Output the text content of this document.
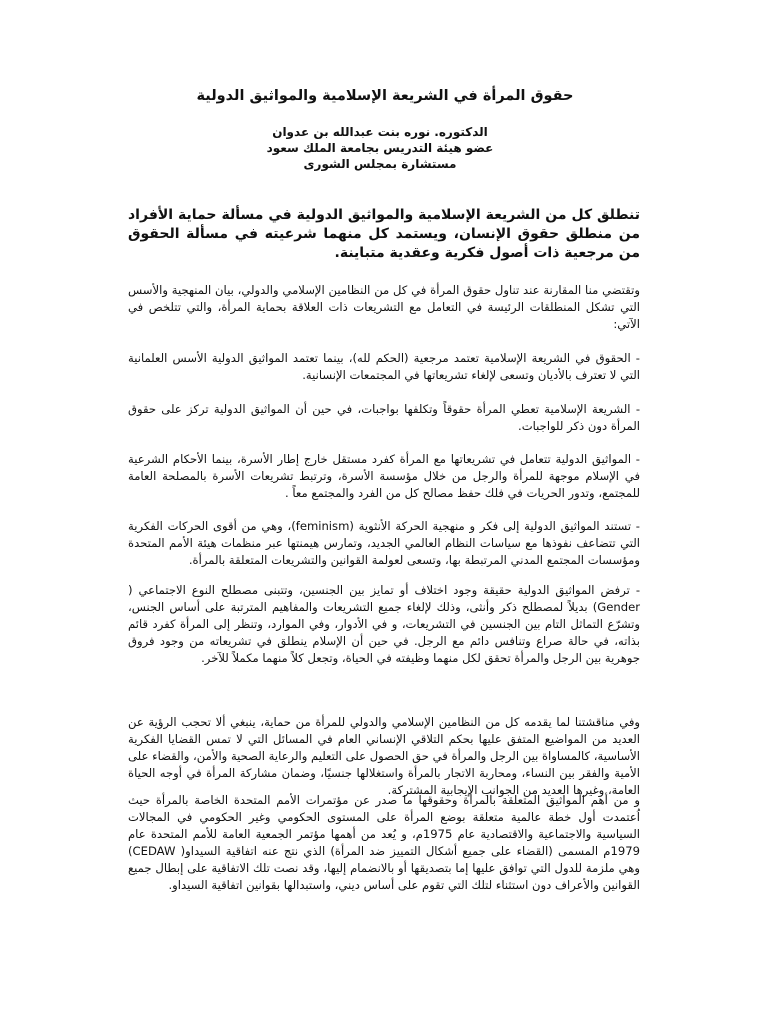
حقوق المرأة في الشريعة الإسلامية والمواثيق الدولية
الدكتوره. نوره بنت عبدالله بن عدوان
عضو هيئة التدريس بجامعة الملك سعود
مستشارة بمجلس الشورى

تنطلق كل من الشريعة الإسلامية والمواثيق الدولية في مسألة حماية الأفراد من منطلق حقوق الإنسان، ويستمد كل منهما شرعيته في مسألة الحقوق من مرجعية ذات أصول فكرية وعقدية متباينة.

وتقتضي منا المقارنة عند تناول حقوق المرأة في كل من النظامين الإسلامي والدولي، بيان المنهجية والأسس التي تشكل المنطلقات الرئيسة في التعامل مع التشريعات ذات العلاقة بحماية المرأة، والتي تتلخص في الآتي:

- الحقوق في الشريعة الإسلامية تعتمد مرجعية (الحكم لله)، بينما تعتمد المواثيق الدولية الأسس العلمانية التي لا تعترف بالأديان وتسعى لإلغاء تشريعاتها في المجتمعات الإنسانية.

- الشريعة الإسلامية تعطي المرأة حقوقاً وتكلفها بواجبات، في حين أن المواثيق الدولية تركز على حقوق المرأة دون ذكر للواجبات.

- المواثيق الدولية تتعامل في تشريعاتها مع المرأة كفرد مستقل خارج إطار الأسرة، بينما الأحكام الشرعية في الإسلام موجهة للمرأة والرجل من خلال مؤسسة الأسرة، وترتبط تشريعات الأسرة بالمصلحة العامة للمجتمع، وتدور الحريات في فلك حفظ مصالح كل من الفرد والمجتمع معاً .

- تستند المواثيق الدولية إلى فكر و منهجية الحركة الأنثوية (feminism)، وهي من أقوى الحركات الفكرية التي تتضاعف نفوذها مع سياسات النظام العالمي الجديد، وتمارس هيمنتها عبر منظمات هيئة الأمم المتحدة ومؤسسات المجتمع المدني المرتبطة بها، وتسعى لعولمة القوانين والتشريعات المتعلقة بالمرأة.

- ترفض المواثيق الدولية حقيقة وجود اختلاف أو تمايز بين الجنسين، وتتبنى مصطلح النوع الاجتماعي ( Gender) بديلاً لمصطلح ذكر وأنثى، وذلك لإلغاء جميع التشريعات والمفاهيم المترتبة على أساس الجنس، وتشرّع التماثل التام بين الجنسين في التشريعات، و في الأدوار، وفي الموارد، وتنظر إلى المرأة كفرد قائم بذاته، في حالة صراع وتنافس دائم مع الرجل. في حين أن الإسلام ينطلق في تشريعاته من وجود فروق جوهرية بين الرجل والمرأة تحقق لكل منهما وظيفته في الحياة، وتجعل كلاً منهما مكملاً للآخر.

وفي مناقشتنا لما يقدمه كل من النظامين الإسلامي والدولي للمرأة من حماية، ينبغي ألا تحجب الرؤية عن العديد من المواضيع المتفق عليها بحكم التلاقي الإنساني العام في المسائل التي لا تمس القضايا الفكرية الأساسية، كالمساواة بين الرجل والمرأة في حق الحصول على التعليم والرعاية الصحية والأمن، والقضاء على الأمية والفقر بين النساء، ومحاربة الاتجار بالمرأة واستغلالها جنسيًا، وضمان مشاركة المرأة في أوجه الحياة العامة، وغيرها العديد من الجوانب الإيجابية المشتركة.

و من أهم المواثيق المتعلقة بالمرأة وحقوقها ما صدر عن مؤتمرات الأمم المتحدة الخاصة بالمرأة حيث اُعتمدت أول خطة عالمية متعلقة بوضع المرأة على المستوى الحكومي وغير الحكومي في المجالات السياسية والاجتماعية والاقتصادية عام 1975م، و يُعد من أهمها مؤتمر الجمعية العامة للأمم المتحدة عام 1979م المسمى (القضاء على جميع أشكال التمييز ضد المرأة) الذي نتج عنه اتفاقية السيداو( CEDAW) وهي ملزمة للدول التي توافق عليها إما بتصديقها أو بالانضمام إليها، وقد نصت تلك الاتفاقية على إبطال جميع القوانين والأعراف دون استثناء لتلك التي تقوم على أساس ديني، واستبدالها بقوانين اتفاقية السيداو.
